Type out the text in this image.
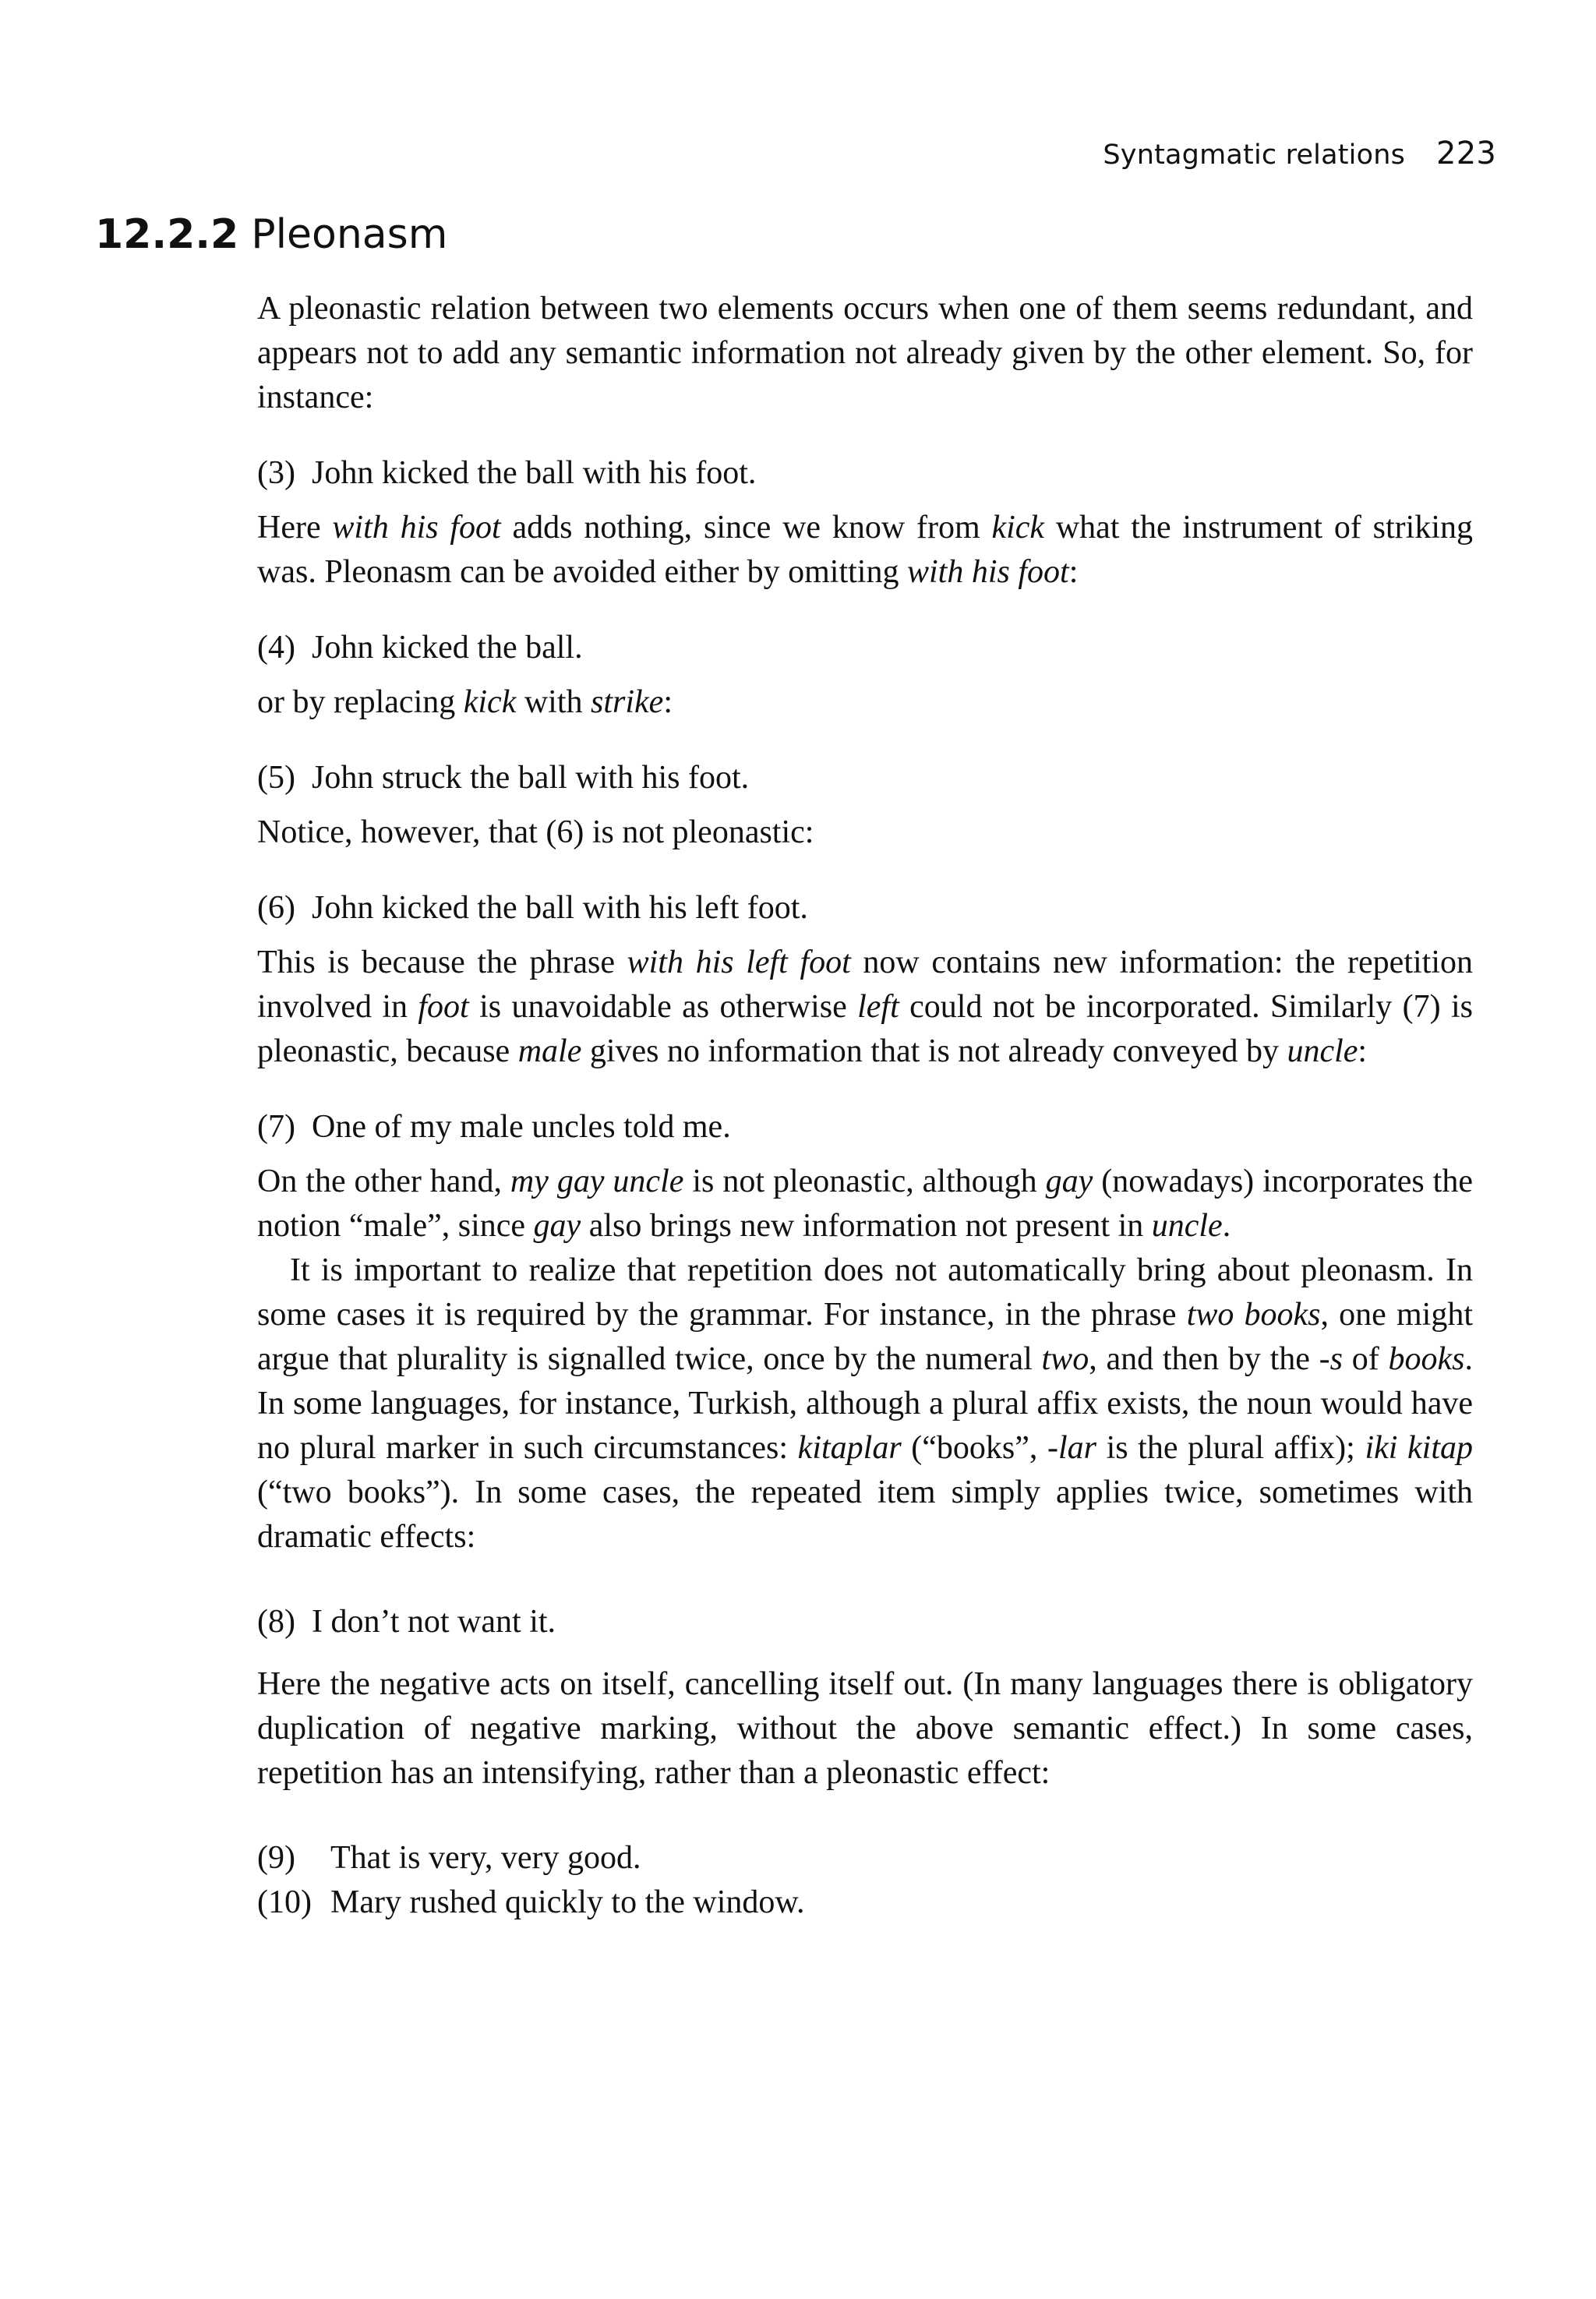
Syntagmatic relations 223
12.2.2 Pleonasm

A pleonastic relation between two elements occurs when one of them seems redundant, and appears not to add any semantic information not already given by the other element. So, for instance:

(3) John kicked the ball with his foot.

Here with his foot adds nothing, since we know from kick what the instrument of striking was. Pleonasm can be avoided either by omitting with his foot:

(4) John kicked the ball.

or by replacing kick with strike:

(5) John struck the ball with his foot.

Notice, however, that (6) is not pleonastic:

(6) John kicked the ball with his left foot.

This is because the phrase with his left foot now contains new information: the repetition involved in foot is unavoidable as otherwise left could not be incorporated. Similarly (7) is pleonastic, because male gives no information that is not already conveyed by uncle:

(7) One of my male uncles told me.

On the other hand, my gay uncle is not pleonastic, although gay (nowadays) incorporates the notion “male”, since gay also brings new information not present in uncle.

It is important to realize that repetition does not automatically bring about pleonasm. In some cases it is required by the grammar. For instance, in the phrase two books, one might argue that plurality is signalled twice, once by the numeral two, and then by the -s of books. In some languages, for instance, Turkish, although a plural affix exists, the noun would have no plural marker in such circumstances: kitaplar (“books”, -lar is the plural affix); iki kitap (“two books”). In some cases, the repeated item simply applies twice, sometimes with dramatic effects:

(8) I don’t not want it.

Here the negative acts on itself, cancelling itself out. (In many languages there is obligatory duplication of negative marking, without the above semantic effect.) In some cases, repetition has an intensifying, rather than a pleonastic effect:

(9) That is very, very good.

(10) Mary rushed quickly to the window.
